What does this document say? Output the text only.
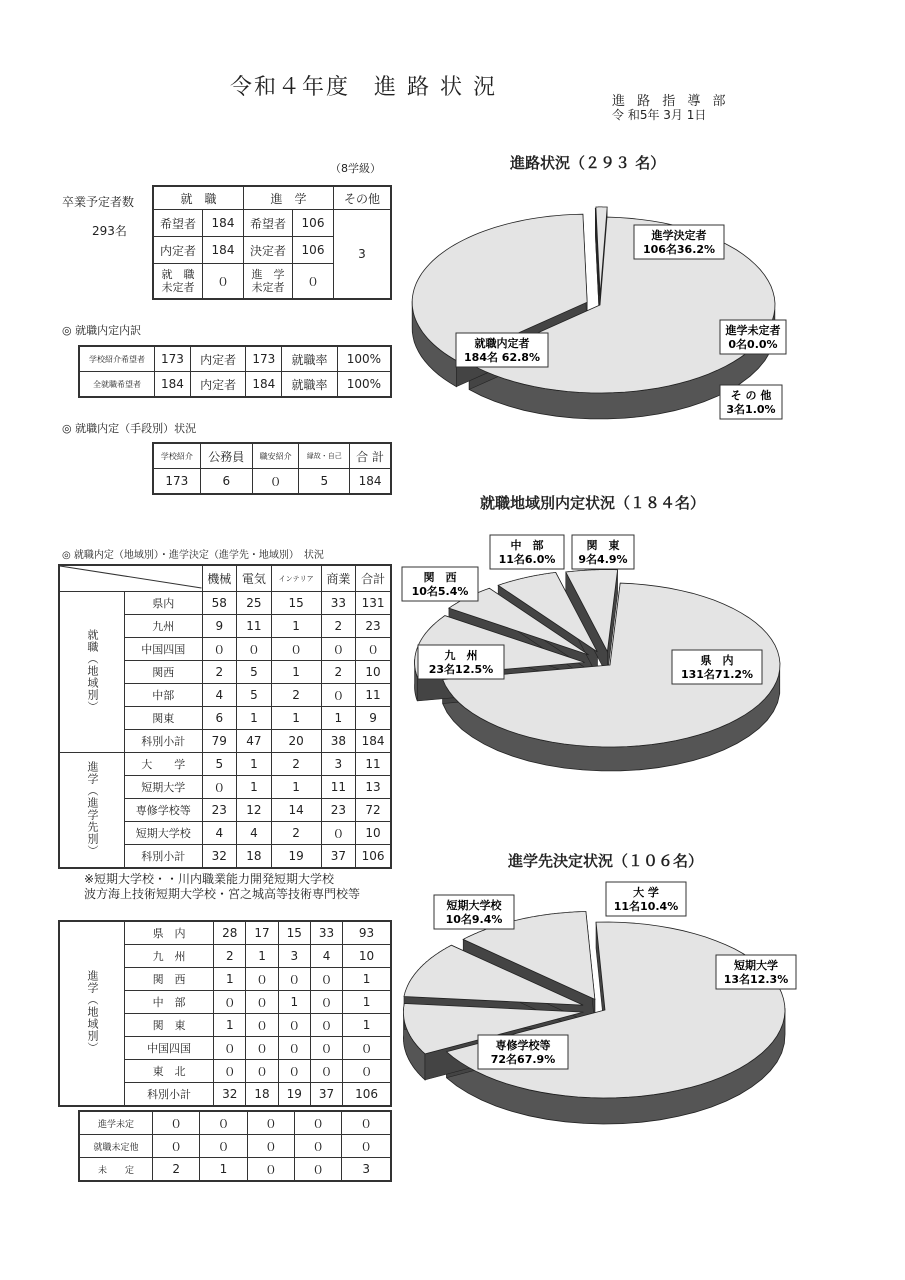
令和４年度　進 路 状 況
進 路 指 導 部
令 和5年 3月 1日
（8学級）
卒業予定者数
293名
就　職		進　学		その他
希望者	184	希望者	106	3
内定者	184	決定者	106	
就　職未定者	０	進　学未定者	０	
◎ 就職内定内訳
学校紹介希望者	173	内定者	173	就職率	100%
全就職希望者	184	内定者	184	就職率	100%
◎ 就職内定（手段別）状況
学校紹介	公務員	職安紹介	縁故・自己	合 計
173	6	０	5	184
◎ 就職内定（地域別）・進学決定（進学先・地域別）　状況
	機械	電気	インテリア	商業	合計
就職（地域別）	県内	58	25	15	33	131
	九州	9	11	1	2	23
	中国四国	０	０	０	０	０
	関西	2	5	1	2	10
	中部	4	5	2	０	11
	関東	6	1	1	1	9
	科別小計	79	47	20	38	184
進学（進学先別）	大　　学	5	1	2	3	11
	短期大学	０	1	1	11	13
	専修学校等	23	12	14	23	72
	短期大学校	4	4	2	０	10
	科別小計	32	18	19	37	106
※短期大学校・・川内職業能力開発短期大学校
波方海上技術短期大学校・宮之城高等技術専門校等
進学（地域別）	県　内	28	17	15	33	93
	九　州	2	1	3	4	10
	関　西	1	０	０	０	1
	中　部	０	０	1	０	1
	関　東	1	０	０	０	1
	中国四国	０	０	０	０	０
	東　北	０	０	０	０	０
	科別小計	32	18	19	37	106
進学未定	０	０	０	０	０
就職未定他	０	０	０	０	０
未　　定	2	1	０	０	3
進路状況（２９３ 名）
就職内定者
184名 62.8%
進学決定者
106名36.2%
進学未定者
0名0.0%
そ の 他
3名1.0%
就職地域別内定状況（１８４名）
県　内
131名71.2%
九　州
23名12.5%
関　西
10名5.4%
中　部
11名6.0%
関　東
9名4.9%
進学先決定状況（１０６名）
専修学校等
72名67.9%
短期大学校
10名9.4%
大 学
11名10.4%
短期大学
13名12.3%
